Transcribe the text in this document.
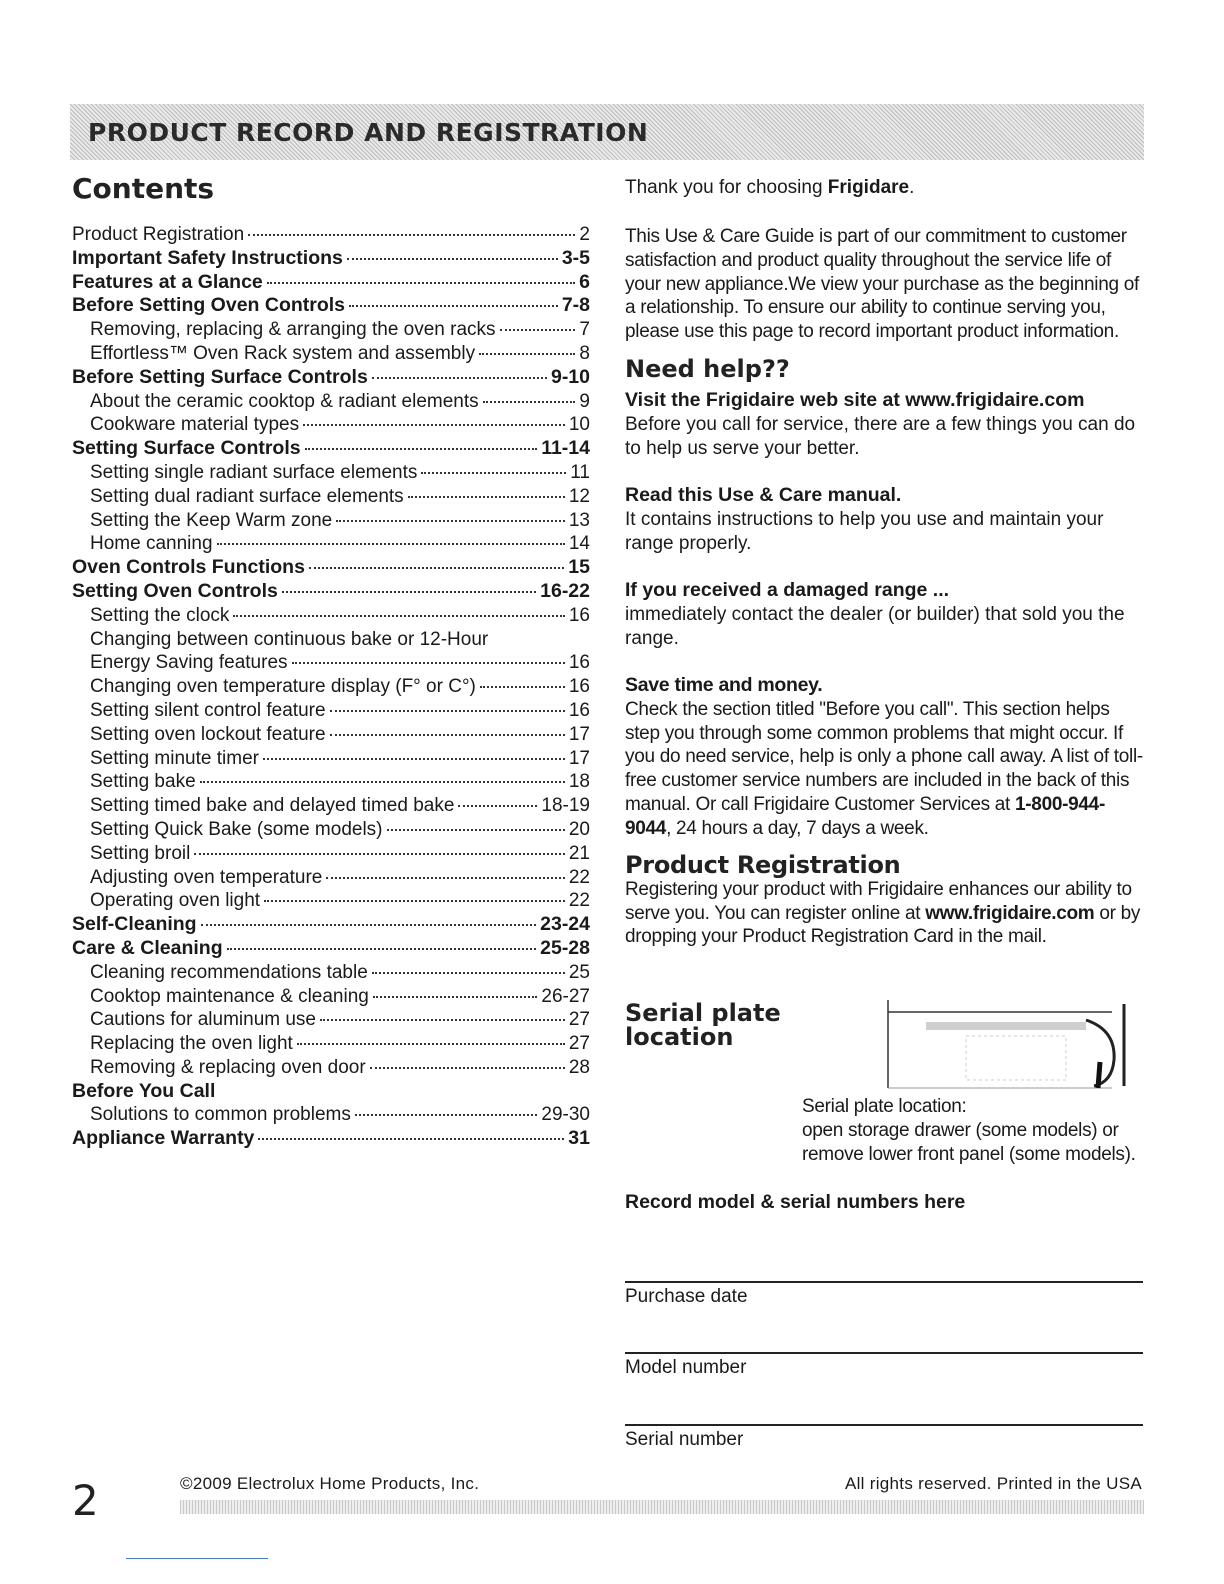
PRODUCT RECORD AND REGISTRATION
Contents
Product Registration	2
Important Safety Instructions	3-5
Features at a Glance	6
Before Setting Oven Controls	7-8
Removing, replacing & arranging the oven racks	7
Effortless™ Oven Rack system and assembly	8
Before Setting Surface Controls	9-10
About the ceramic cooktop & radiant elements	9
Cookware material types	10
Setting Surface Controls	11-14
Setting single radiant surface elements	11
Setting dual radiant surface elements	12
Setting the Keep Warm zone	13
Home canning	14
Oven Controls Functions	15
Setting Oven Controls	16-22
Setting the clock	16
Changing between continuous bake or 12-Hour
Energy Saving features	16
Changing oven temperature display (F° or C°)	16
Setting silent control feature	16
Setting oven lockout feature	17
Setting minute timer	17
Setting bake	18
Setting timed bake and delayed timed bake	18-19
Setting Quick Bake (some models)	20
Setting broil	21
Adjusting oven temperature	22
Operating oven light	22
Self-Cleaning	23-24
Care & Cleaning	25-28
Cleaning recommendations table	25
Cooktop maintenance & cleaning	26-27
Cautions for aluminum use	27
Replacing the oven light	27
Removing & replacing oven door	28
Before You Call
Solutions to common problems	29-30
Appliance Warranty	31

Thank you for choosing Frigidare.

This Use & Care Guide is part of our commitment to customer satisfaction and product quality throughout the service life of your new appliance.We view your purchase as the beginning of a relationship. To ensure our ability to continue serving you, please use this page to record important product information.
Need help??
Visit the Frigidaire web site at www.frigidaire.com

Before you call for service, there are a few things you can do to help us serve your better.

Read this Use & Care manual.

It contains instructions to help you use and maintain your range properly.

If you received a damaged range ...

immediately contact the dealer (or builder) that sold you the range.

Save time and money.

Check the section titled "Before you call". This section helps step you through some common problems that might occur. If you do need service, help is only a phone call away. A list of toll-free customer service numbers are included in the back of this manual. Or call Frigidaire Customer Services at 1-800-944-9044, 24 hours a day, 7 days a week.

Product Registration

Registering your product with Frigidaire enhances our ability to serve you. You can register online at www.frigidaire.com or by dropping your Product Registration Card in the mail.

Serial plate location

Serial plate location:

open storage drawer (some models) or

remove lower front panel (some models).

Record model & serial numbers here
Purchase date
Model number
Serial number
2	©2009 Electrolux Home Products, Inc.	All rights reserved. Printed in the USA
